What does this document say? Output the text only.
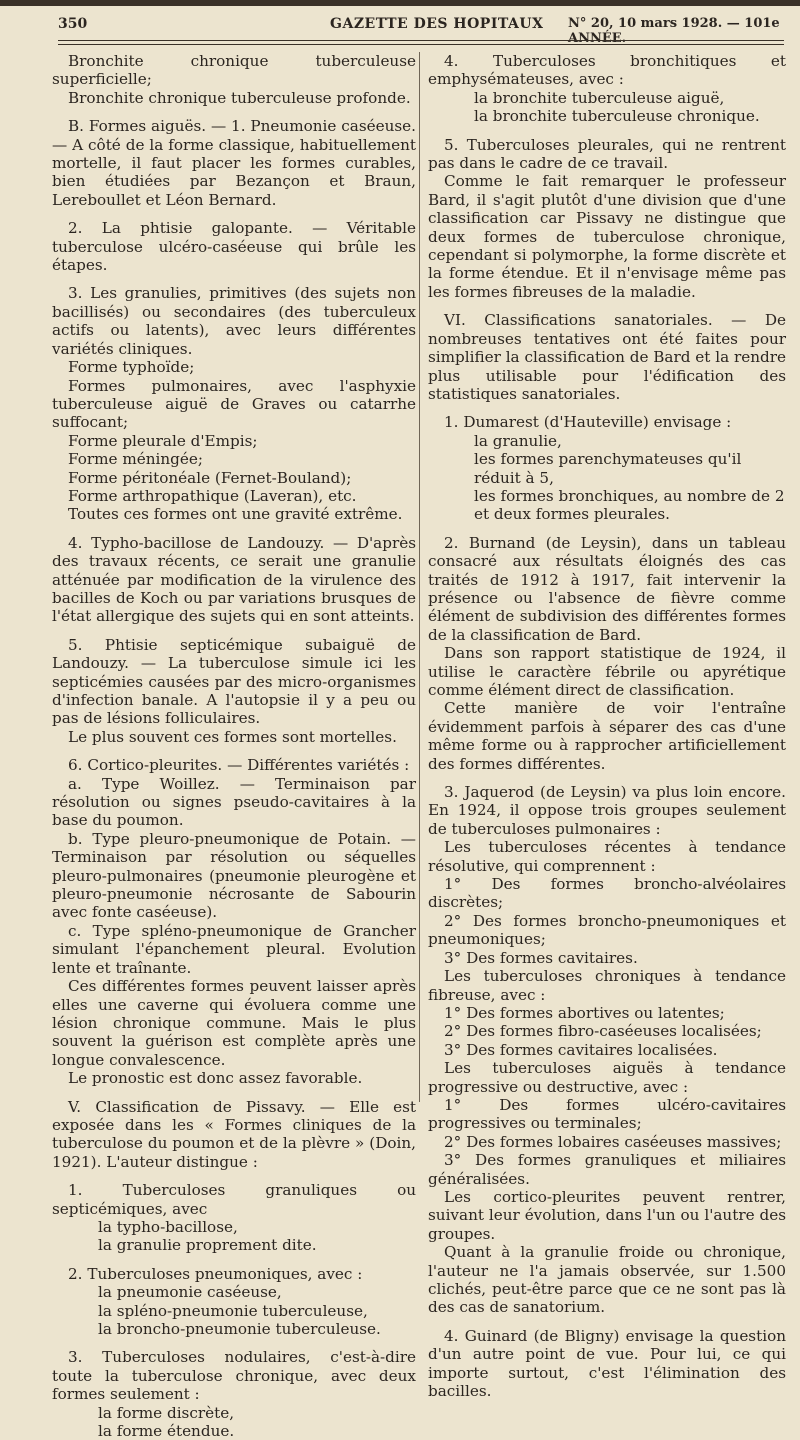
350	GAZETTE DES HOPITAUX N° 20, 10 mars 1928. — 101e ANNÉE.

Bronchite chronique tuberculeuse superficielle;

Bronchite chronique tuberculeuse profonde.

B. Formes aiguës. — 1. Pneumonie caséeuse. — A côté de la forme classique, habituellement mortelle, il faut placer les formes curables, bien étudiées par Bezançon et Braun, Lereboullet et Léon Bernard.

2. La phtisie galopante. — Véritable tuberculose ulcéro-caséeuse qui brûle les étapes.

3. Les granulies, primitives (des sujets non bacillisés) ou secondaires (des tuberculeux actifs ou latents), avec leurs différentes variétés cliniques.

Forme typhoïde;

Formes pulmonaires, avec l'asphyxie tuberculeuse aiguë de Graves ou catarrhe suffocant;

Forme pleurale d'Empis;

Forme méningée;

Forme péritonéale (Fernet-Bouland);

Forme arthropathique (Laveran), etc.

Toutes ces formes ont une gravité extrême.

4. Typho-bacillose de Landouzy. — D'après des travaux récents, ce serait une granulie atténuée par modification de la virulence des bacilles de Koch ou par variations brusques de l'état allergique des sujets qui en sont atteints.

5. Phtisie septicémique subaiguë de Landouzy. — La tuberculose simule ici les septicémies causées par des micro-organismes d'infection banale. A l'autopsie il y a peu ou pas de lésions folliculaires.

Le plus souvent ces formes sont mortelles.

6. Cortico-pleurites. — Différentes variétés :

a. Type Woillez. — Terminaison par résolution ou signes pseudo-cavitaires à la base du poumon.

b. Type pleuro-pneumonique de Potain. — Terminaison par résolution ou séquelles pleuro-pulmonaires (pneumonie pleurogène et pleuro-pneumonie nécrosante de Sabourin avec fonte caséeuse).

c. Type spléno-pneumonique de Grancher simulant l'épanchement pleural. Evolution lente et traînante.

Ces différentes formes peuvent laisser après elles une caverne qui évoluera comme une lésion chronique commune. Mais le plus souvent la guérison est complète après une longue convalescence.

Le pronostic est donc assez favorable.

V. Classification de Pissavy. — Elle est exposée dans les « Formes cliniques de la tuberculose du poumon et de la plèvre » (Doin, 1921). L'auteur distingue :

1. Tuberculoses granuliques ou septicémiques, avec

la typho-bacillose,

la granulie proprement dite.

2. Tuberculoses pneumoniques, avec :

la pneumonie caséeuse,

la spléno-pneumonie tuberculeuse,

la broncho-pneumonie tuberculeuse.

3. Tuberculoses nodulaires, c'est-à-dire toute la tuberculose chronique, avec deux formes seulement :

la forme discrète,

la forme étendue.

4. Tuberculoses bronchitiques et emphysémateuses, avec :

la bronchite tuberculeuse aiguë,

la bronchite tuberculeuse chronique.

5. Tuberculoses pleurales, qui ne rentrent pas dans le cadre de ce travail.

Comme le fait remarquer le professeur Bard, il s'agit plutôt d'une division que d'une classification car Pissavy ne distingue que deux formes de tuberculose chronique, cependant si polymorphe, la forme discrète et la forme étendue. Et il n'envisage même pas les formes fibreuses de la maladie.

VI. Classifications sanatoriales. — De nombreuses tentatives ont été faites pour simplifier la classification de Bard et la rendre plus utilisable pour l'édification des statistiques sanatoriales.

1. Dumarest (d'Hauteville) envisage :

la granulie,

les formes parenchymateuses qu'il réduit à 5,

les formes bronchiques, au nombre de 2

et deux formes pleurales.

2. Burnand (de Leysin), dans un tableau consacré aux résultats éloignés des cas traités de 1912 à 1917, fait intervenir la présence ou l'absence de fièvre comme élément de subdivision des différentes formes de la classification de Bard.

Dans son rapport statistique de 1924, il utilise le caractère fébrile ou apyrétique comme élément direct de classification.

Cette manière de voir l'entraîne évidemment parfois à séparer des cas d'une même forme ou à rapprocher artificiellement des formes différentes.

3. Jaquerod (de Leysin) va plus loin encore. En 1924, il oppose trois groupes seulement de tuberculoses pulmonaires :

Les tuberculoses récentes à tendance résolutive, qui comprennent :

1° Des formes broncho-alvéolaires discrètes;

2° Des formes broncho-pneumoniques et pneumoniques;

3° Des formes cavitaires.

Les tuberculoses chroniques à tendance fibreuse, avec :

1° Des formes abortives ou latentes;

2° Des formes fibro-caséeuses localisées;

3° Des formes cavitaires localisées.

Les tuberculoses aiguës à tendance progressive ou destructive, avec :

1° Des formes ulcéro-cavitaires progressives ou terminales;

2° Des formes lobaires caséeuses massives;

3° Des formes granuliques et miliaires généralisées.

Les cortico-pleurites peuvent rentrer, suivant leur évolution, dans l'un ou l'autre des groupes.

Quant à la granulie froide ou chronique, l'auteur ne l'a jamais observée, sur 1.500 clichés, peut-être parce que ce ne sont pas là des cas de sanatorium.

4. Guinard (de Bligny) envisage la question d'un autre point de vue. Pour lui, ce qui importe surtout, c'est l'élimination des bacilles.
